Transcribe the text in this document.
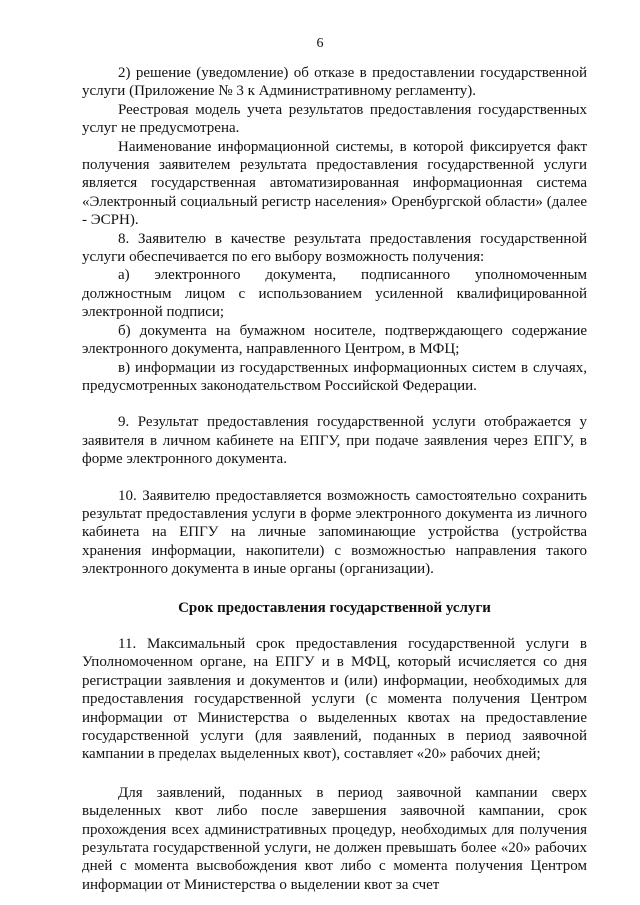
6

2) решение (уведомление) об отказе в предоставлении государственной услуги (Приложение № 3 к Административному регламенту).

Реестровая модель учета результатов предоставления государственных услуг не предусмотрена.

Наименование информационной системы, в которой фиксируется факт получения заявителем результата предоставления государственной услуги является государственная автоматизированная информационная система «Электронный социальный регистр населения» Оренбургской области» (далее - ЭСРН).

8. Заявителю в качестве результата предоставления государственной услуги обеспечивается по его выбору возможность получения:

а) электронного документа, подписанного уполномоченным должностным лицом с использованием усиленной квалифицированной электронной подписи;

б) документа на бумажном носителе, подтверждающего содержание электронного документа, направленного Центром, в МФЦ;

в) информации из государственных информационных систем в случаях, предусмотренных законодательством Российской Федерации.

9. Результат предоставления государственной услуги отображается у заявителя в личном кабинете на ЕПГУ, при подаче заявления через ЕПГУ, в форме электронного документа.

10. Заявителю предоставляется возможность самостоятельно сохранить результат предоставления услуги в форме электронного документа из личного кабинета на ЕПГУ на личные запоминающие устройства (устройства хранения информации, накопители) с возможностью направления такого электронного документа в иные органы (организации).

Срок предоставления государственной услуги

11. Максимальный срок предоставления государственной услуги в Уполномоченном органе, на ЕПГУ и в МФЦ, который исчисляется со дня регистрации заявления и документов и (или) информации, необходимых для предоставления государственной услуги (с момента получения Центром информации от Министерства о выделенных квотах на предоставление государственной услуги (для заявлений, поданных в период заявочной кампании в пределах выделенных квот), составляет «20» рабочих дней;

Для заявлений, поданных в период заявочной кампании сверх выделенных квот либо после завершения заявочной кампании, срок прохождения всех административных процедур, необходимых для получения результата государственной услуги, не должен превышать более «20» рабочих дней с момента высвобождения квот либо с момента получения Центром информации от Министерства о выделении квот за счет
